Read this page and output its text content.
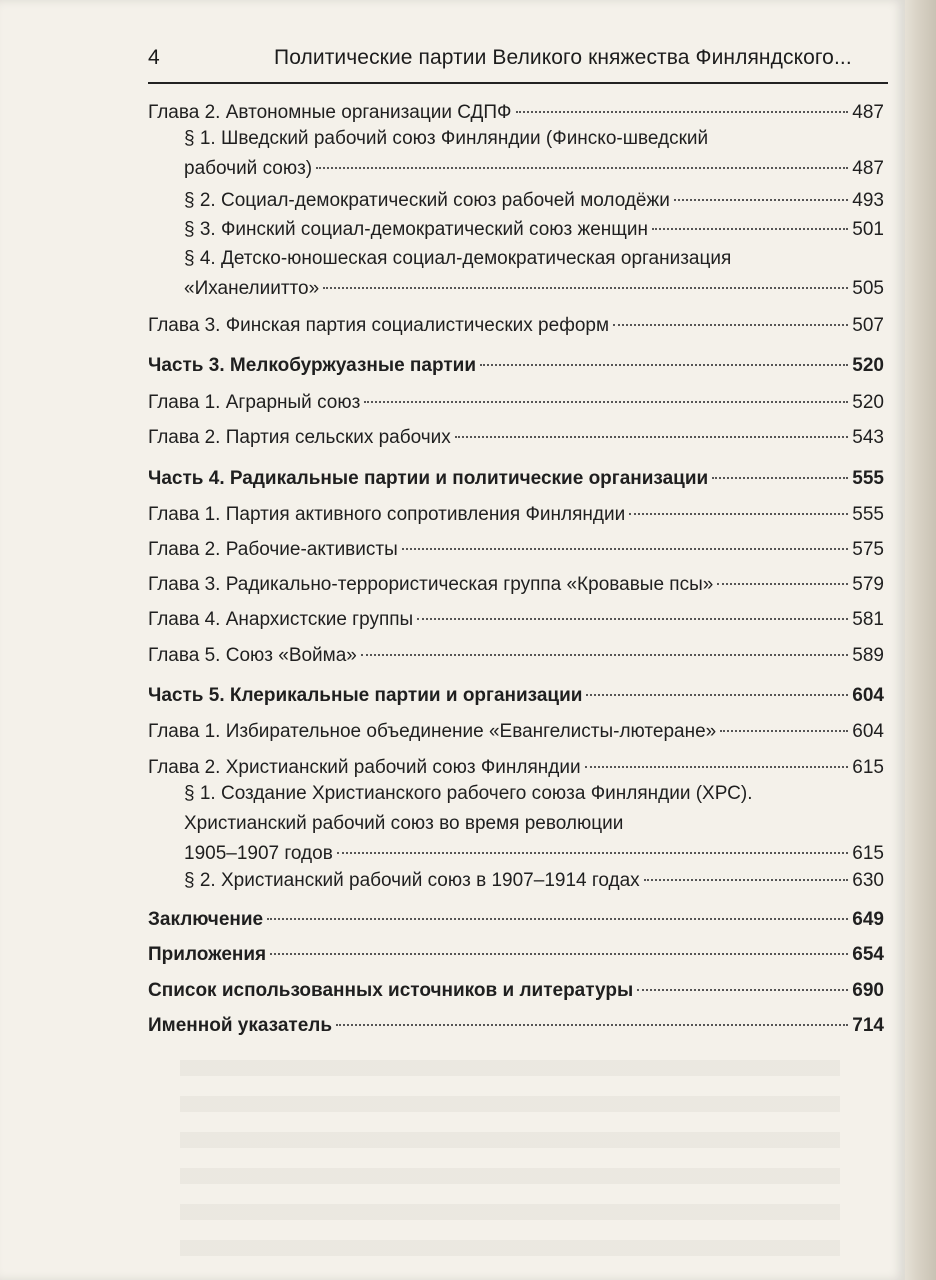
4	Политические партии Великого княжества Финляндского...
Глава 2. Автономные организации СДПФ	487
§ 1. Шведский рабочий союз Финляндии (Финско-шведский
рабочий союз)	487
§ 2. Социал-демократический союз рабочей молодёжи	493
§ 3. Финский социал-демократический союз женщин	501
§ 4. Детско-юношеская социал-демократическая организация
«Иханелиитто»	505
Глава 3. Финская партия социалистических реформ	507
Часть 3. Мелкобуржуазные партии	520
Глава 1. Аграрный союз	520
Глава 2. Партия сельских рабочих	543
Часть 4. Радикальные партии и политические организации	555
Глава 1. Партия активного сопротивления Финляндии	555
Глава 2. Рабочие-активисты	575
Глава 3. Радикально-террористическая группа «Кровавые псы»	579
Глава 4. Анархистские группы	581
Глава 5. Союз «Войма»	589
Часть 5. Клерикальные партии и организации	604
Глава 1. Избирательное объединение «Евангелисты-лютеране»	604
Глава 2. Христианский рабочий союз Финляндии	615
§ 1. Создание Христианского рабочего союза Финляндии (ХРС).
Христианский рабочий союз во время революции
1905–1907 годов	615
§ 2. Христианский рабочий союз в 1907–1914 годах	630
Заключение	649
Приложения	654
Список использованных источников и литературы	690
Именной указатель	714
